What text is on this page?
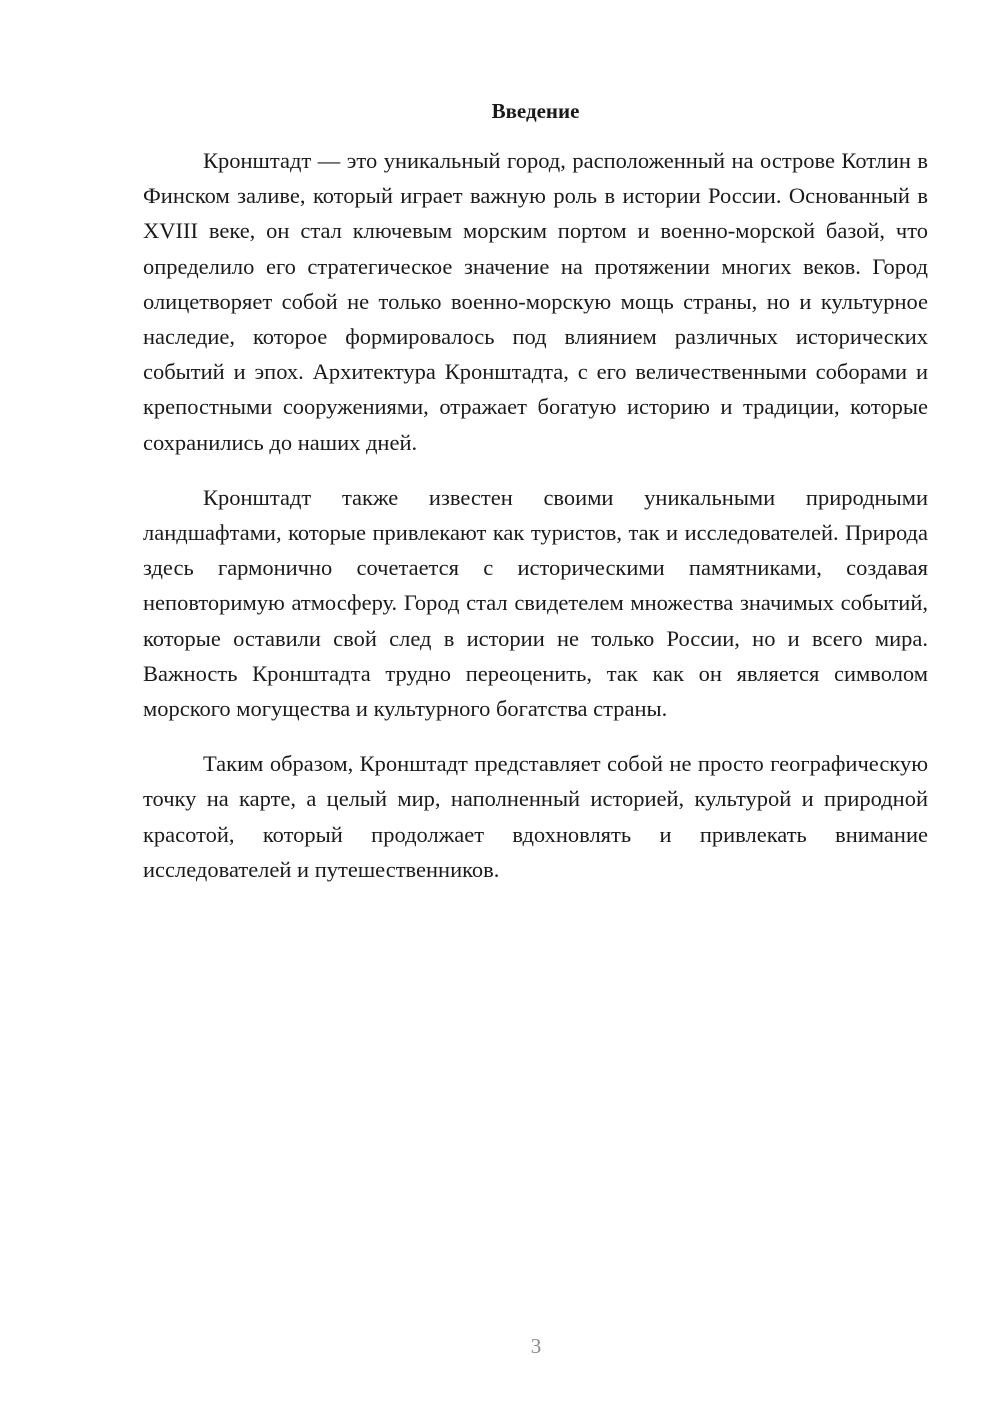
Введение

Кронштадт — это уникальный город, расположенный на острове Котлин в Финском заливе, который играет важную роль в истории России. Основанный в XVIII веке, он стал ключевым морским портом и военно-морской базой, что определило его стратегическое значение на протяжении многих веков. Город олицетворяет собой не только военно-морскую мощь страны, но и культурное наследие, которое формировалось под влиянием различных исторических событий и эпох. Архитектура Кронштадта, с его величественными соборами и крепостными сооружениями, отражает богатую историю и традиции, которые сохранились до наших дней.

Кронштадт также известен своими уникальными природными ландшафтами, которые привлекают как туристов, так и исследователей. Природа здесь гармонично сочетается с историческими памятниками, создавая неповторимую атмосферу. Город стал свидетелем множества значимых событий, которые оставили свой след в истории не только России, но и всего мира. Важность Кронштадта трудно переоценить, так как он является символом морского могущества и культурного богатства страны.

Таким образом, Кронштадт представляет собой не просто географическую точку на карте, а целый мир, наполненный историей, культурой и природной красотой, который продолжает вдохновлять и привлекать внимание исследователей и путешественников.

3
